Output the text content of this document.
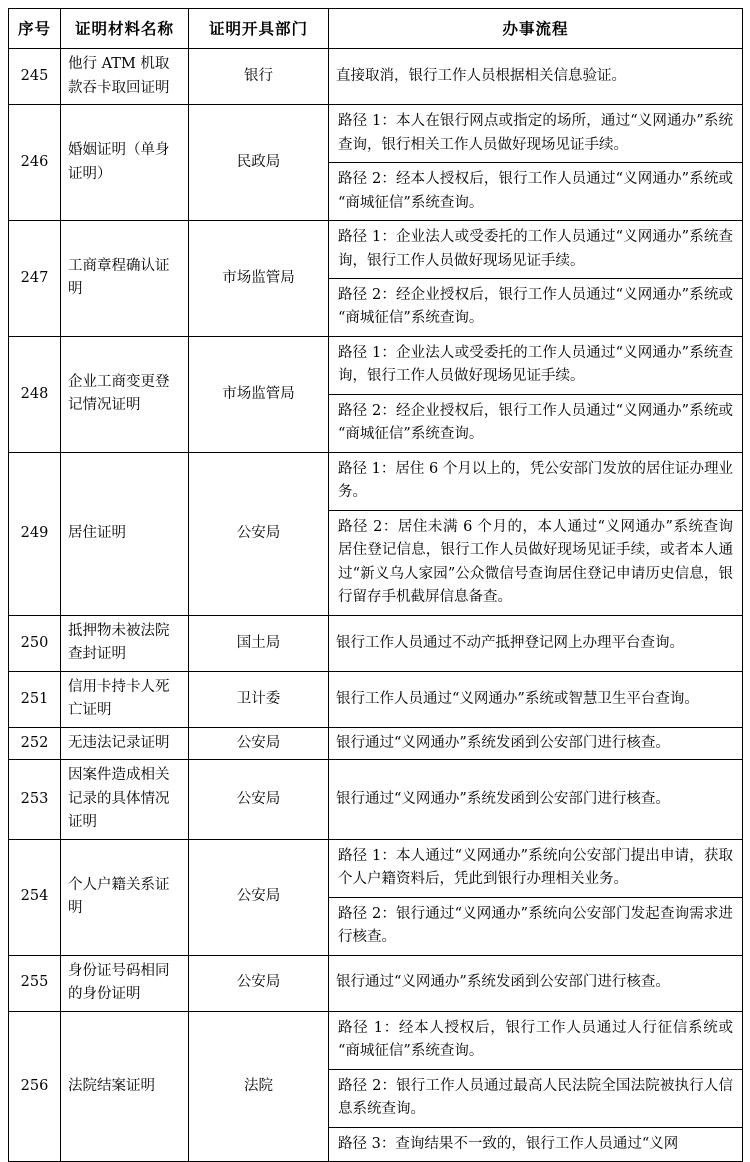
序号	证明材料名称	证明开具部门	办事流程
245	他行 ATM 机取款吞卡取回证明	银行	直接取消，银行工作人员根据相关信息验证。
246	婚姻证明（单身证明）	民政局	路径 1：本人在银行网点或指定的场所，通过“义网通办”系统查询，银行相关工作人员做好现场见证手续。
路径 2：经本人授权后，银行工作人员通过“义网通办”系统或“商城征信”系统查询。

247	工商章程确认证明	市场监管局	路径 1：企业法人或受委托的工作人员通过“义网通办”系统查询，银行工作人员做好现场见证手续。
路径 2：经企业授权后，银行工作人员通过“义网通办”系统或“商城征信”系统查询。

248	企业工商变更登记情况证明	市场监管局	路径 1：企业法人或受委托的工作人员通过“义网通办”系统查询，银行工作人员做好现场见证手续。
路径 2：经企业授权后，银行工作人员通过“义网通办”系统或“商城征信”系统查询。

249	居住证明	公安局	路径 1：居住 6 个月以上的，凭公安部门发放的居住证办理业务。
路径 2：居住未满 6 个月的，本人通过“义网通办”系统查询居住登记信息，银行工作人员做好现场见证手续，或者本人通过“新义乌人家园”公众微信号查询居住登记申请历史信息，银行留存手机截屏信息备查。

250	抵押物未被法院查封证明	国土局	银行工作人员通过不动产抵押登记网上办理平台查询。
251	信用卡持卡人死亡证明	卫计委	银行工作人员通过“义网通办”系统或智慧卫生平台查询。
252	无违法记录证明	公安局	银行通过“义网通办”系统发函到公安部门进行核查。
253	因案件造成相关记录的具体情况证明	公安局	银行通过“义网通办”系统发函到公安部门进行核查。
254	个人户籍关系证明	公安局	路径 1：本人通过“义网通办”系统向公安部门提出申请，获取个人户籍资料后，凭此到银行办理相关业务。
路径 2：银行通过“义网通办”系统向公安部门发起查询需求进行核查。

255	身份证号码相同的身份证明	公安局	银行通过“义网通办”系统发函到公安部门进行核查。
256	法院结案证明	法院	路径 1：经本人授权后，银行工作人员通过人行征信系统或“商城征信”系统查询。
路径 2：银行工作人员通过最高人民法院全国法院被执行人信息系统查询。
路径 3：查询结果不一致的，银行工作人员通过“义网
